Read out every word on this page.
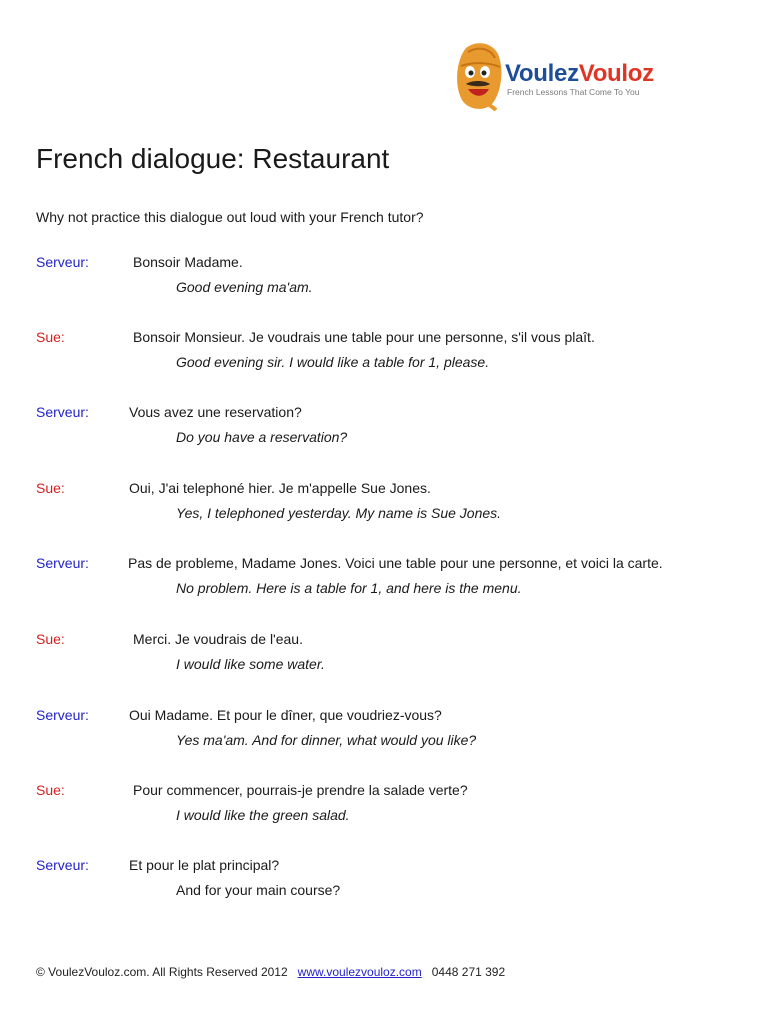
VoulezVouloz
French Lessons That Come To You
French dialogue: Restaurant
Why not practice this dialogue out loud with your French tutor?
Serveur:	Bonsoir Madame.
Good evening ma'am.
Sue:	Bonsoir Monsieur. Je voudrais une table pour une personne, s'il vous plaît.
Good evening sir. I would like a table for 1, please.
Serveur:	Vous avez une reservation?
Do you have a reservation?
Sue:	Oui, J'ai telephoné hier. Je m'appelle Sue Jones.
Yes, I telephoned yesterday. My name is Sue Jones.
Serveur:	Pas de probleme, Madame Jones. Voici une table pour une personne, et voici la carte.
No problem. Here is a table for 1, and here is the menu.
Sue:	Merci. Je voudrais de l'eau.
I would like some water.
Serveur:	Oui Madame. Et pour le dîner, que voudriez-vous?
Yes ma'am. And for dinner, what would you like?
Sue:	Pour commencer, pourrais-je prendre la salade verte?
I would like the green salad.
Serveur:	Et pour le plat principal?
And for your main course?
© VoulezVouloz.com. All Rights Reserved 2012 www.voulezvouloz.com 0448 271 392
